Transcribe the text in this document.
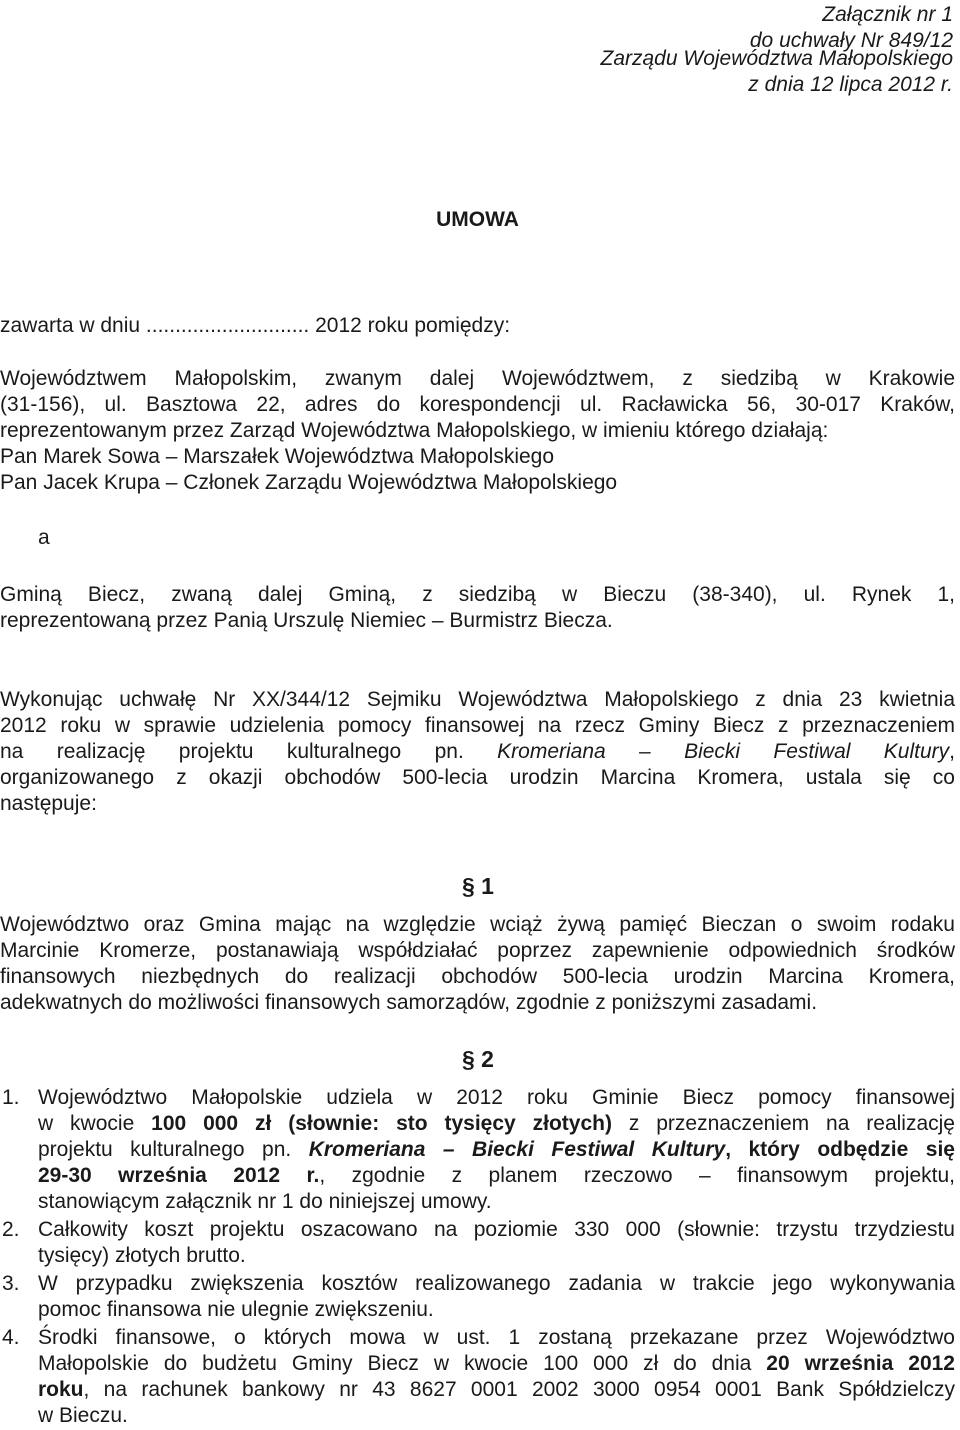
Załącznik nr 1
do uchwały Nr 849/12
Zarządu Województwa Małopolskiego
z dnia 12 lipca 2012 r.
UMOWA
zawarta w dniu ............................ 2012 roku pomiędzy:
Województwem Małopolskim, zwanym dalej Województwem, z siedzibą w Krakowie
(31-156), ul. Basztowa 22, adres do korespondencji ul. Racławicka 56, 30-017 Kraków,
reprezentowanym przez Zarząd Województwa Małopolskiego, w imieniu którego działają:
Pan Marek Sowa – Marszałek Województwa Małopolskiego
Pan Jacek Krupa – Członek Zarządu Województwa Małopolskiego
a
Gminą Biecz, zwaną dalej Gminą, z siedzibą w Bieczu (38-340), ul. Rynek 1,
reprezentowaną przez Panią Urszulę Niemiec – Burmistrz Biecza.
Wykonując uchwałę Nr XX/344/12 Sejmiku Województwa Małopolskiego z dnia 23 kwietnia
2012 roku w sprawie udzielenia pomocy finansowej na rzecz Gminy Biecz z przeznaczeniem
na realizację projektu kulturalnego pn. Kromeriana – Biecki Festiwal Kultury,
organizowanego z okazji obchodów 500-lecia urodzin Marcina Kromera, ustala się co
następuje:
§ 1
Województwo oraz Gmina mając na względzie wciąż żywą pamięć Bieczan o swoim rodaku
Marcinie Kromerze, postanawiają współdziałać poprzez zapewnienie odpowiednich środków
finansowych niezbędnych do realizacji obchodów 500-lecia urodzin Marcina Kromera,
adekwatnych do możliwości finansowych samorządów, zgodnie z poniższymi zasadami.
§ 2
1. Województwo Małopolskie udziela w 2012 roku Gminie Biecz pomocy finansowej
w kwocie 100 000 zł (słownie: sto tysięcy złotych) z przeznaczeniem na realizację
projektu kulturalnego pn. Kromeriana – Biecki Festiwal Kultury, który odbędzie się
29-30 września 2012 r., zgodnie z planem rzeczowo – finansowym projektu,
stanowiącym załącznik nr 1 do niniejszej umowy.
2. Całkowity koszt projektu oszacowano na poziomie 330 000 (słownie: trzystu trzydziestu
tysięcy) złotych brutto.
3. W przypadku zwiększenia kosztów realizowanego zadania w trakcie jego wykonywania
pomoc finansowa nie ulegnie zwiększeniu.
4. Środki finansowe, o których mowa w ust. 1 zostaną przekazane przez Województwo
Małopolskie do budżetu Gminy Biecz w kwocie 100 000 zł do dnia 20 września 2012
roku, na rachunek bankowy nr 43 8627 0001 2002 3000 0954 0001 Bank Spółdzielczy
w Bieczu.
